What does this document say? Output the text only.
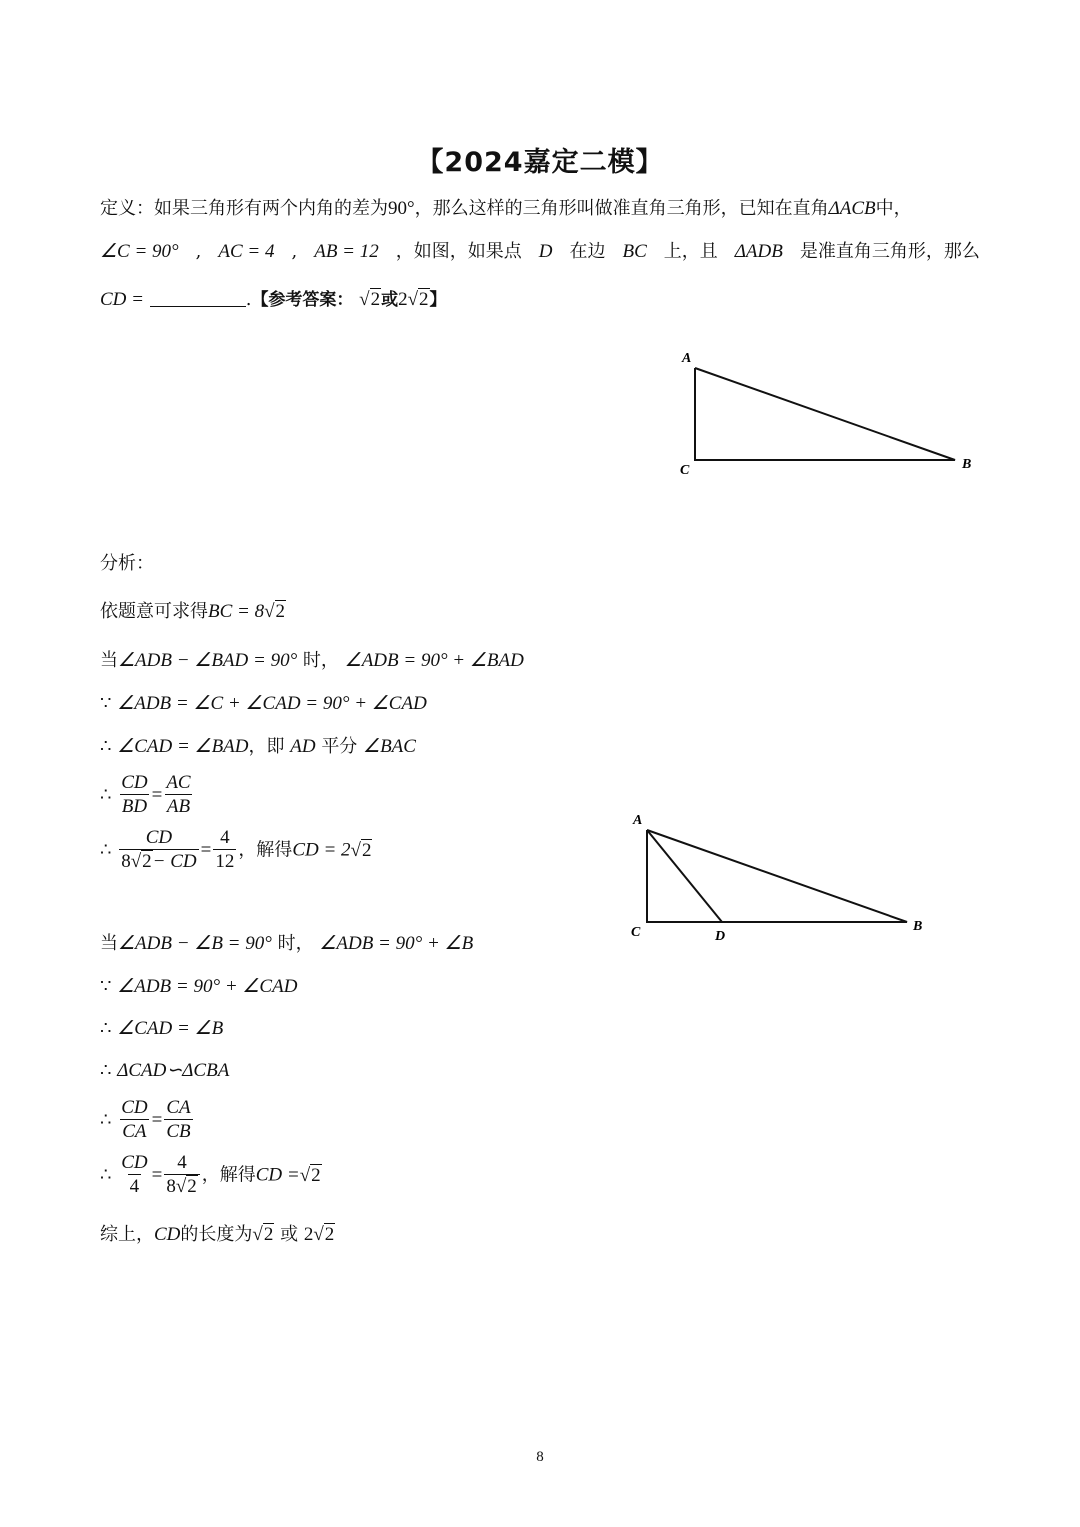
【2024嘉定二模】
定义：如果三角形有两个内角的差为90°，那么这样的三角形叫做准直角三角形，已知在直角ΔACB中，
∠C = 90° , AC = 4 , AB = 12 ，如图，如果点 D 在边 BC 上，且 ΔADB 是准直角三角形，那么
CD =	.【参考答案： √2或2√2】
A
C	B
分析：
依题意可求得BC = 8√2
当∠ADB − ∠BAD = 90° 时， ∠ADB = 90° + ∠BAD
∵ ∠ADB = ∠C + ∠CAD = 90° + ∠CAD
∴ ∠CAD = ∠BAD，即 AD 平分 ∠BAC
∴ $\frac{CD}{BD} = \frac{AC}{AB}$
∴ $\frac{CD}{8√2- CD} = \frac{4}{12}$ ，解得CD = 2√2
当∠ADB − ∠B = 90° 时， ∠ADB = 90° + ∠B
∵ ∠ADB = 90° + ∠CAD
∴ ∠CAD = ∠B
∴ ΔCAD∽ΔCBA
∴ $\frac{CD}{CA} = \frac{CA}{CB}$
∴ $\frac{CD}{4} = \frac{4}{8√2}$ ，解得CD =√2
综上，CD的长度为√2 或 2√2
A
C	D
B
8
